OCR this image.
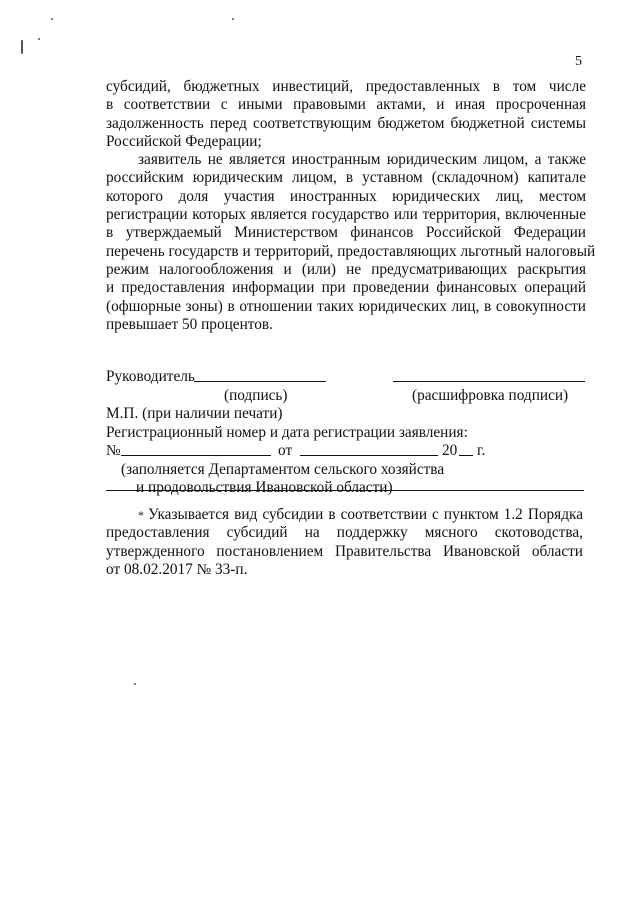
5

субсидий, бюджетных инвестиций, предоставленных в том числе
в соответствии с иными правовыми актами, и иная просроченная
задолженность перед соответствующим бюджетом бюджетной системы
Российской Федерации;

заявитель не является иностранным юридическим лицом, а также
российским юридическим лицом, в уставном (складочном) капитале
которого доля участия иностранных юридических лиц, местом
регистрации которых является государство или территория, включенные
в утверждаемый Министерством финансов Российской Федерации
перечень государств и территорий, предоставляющих льготный налоговый
режим налогообложения и (или) не предусматривающих раскрытия
и предоставления информации при проведении финансовых операций
(офшорные зоны) в отношении таких юридических лиц, в совокупности
превышает 50 процентов.

Руководитель
(подпись)	(расшифровка подписи)
М.П. (при наличии печати)
Регистрационный номер и дата регистрации заявления:
№	от	20 г.
(заполняется Департаментом сельского хозяйства
и продовольствия Ивановской области)
* Указывается вид субсидии в соответствии с пунктом 1.2 Порядка
предоставления субсидий на поддержку мясного скотоводства,
утвержденного постановлением Правительства Ивановской области
от 08.02.2017 № 33-п.
